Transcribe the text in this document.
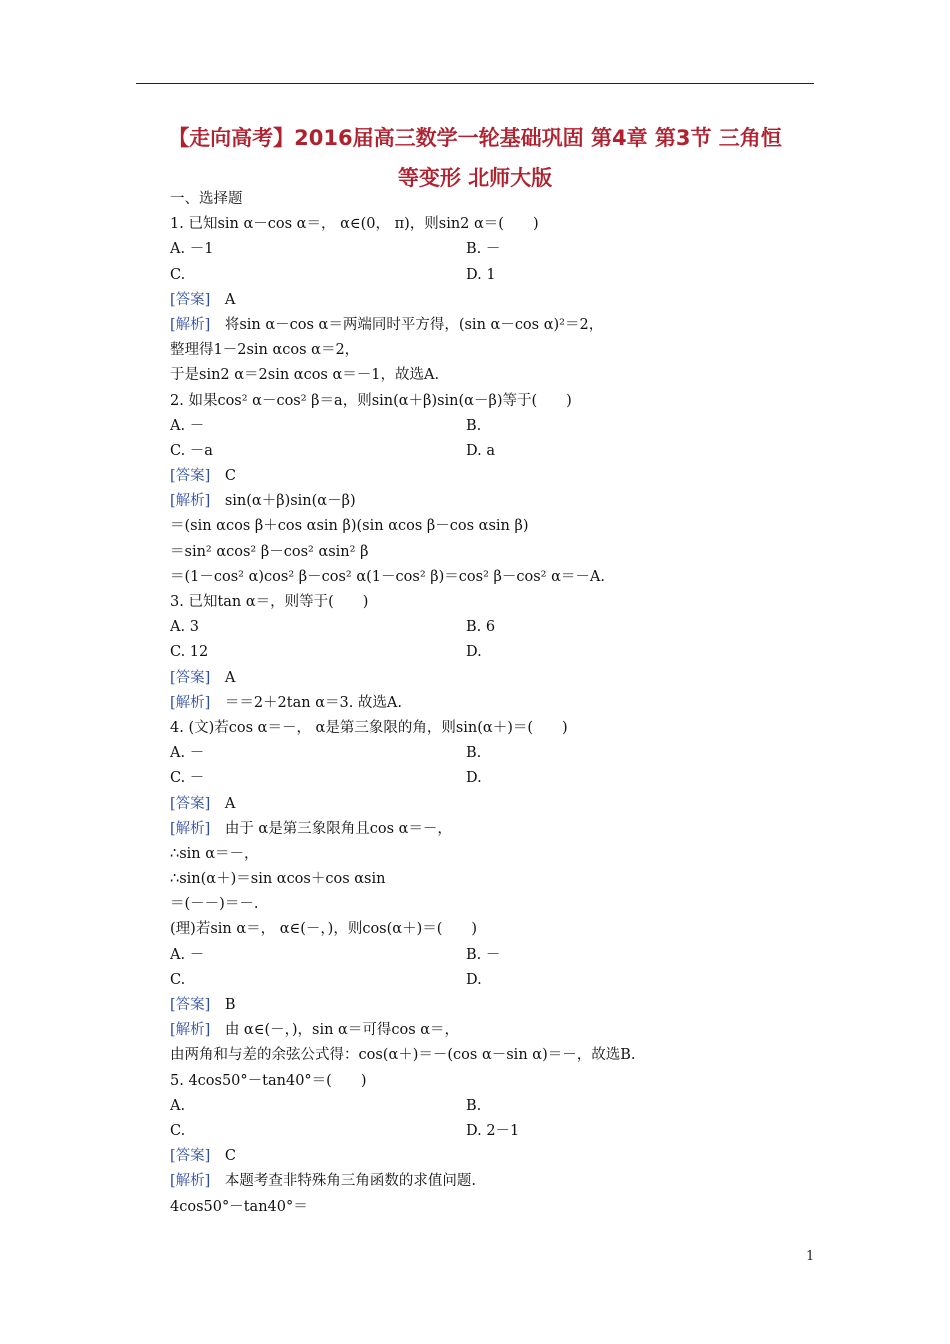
【走向高考】2016届高三数学一轮基础巩固 第4章 第3节 三角恒
等变形 北师大版
一、选择题
1. 已知sin α－cos α＝， α∈(0， π)，则sin2 α＝(　　)
A. －1	B. －
C.	D. 1
[答案]　A
[解析]　将sin α－cos α＝两端同时平方得，(sin α－cos α)²＝2，
整理得1－2sin αcos α＝2，
于是sin2 α＝2sin αcos α＝－1，故选A.
2. 如果cos² α－cos² β＝a，则sin(α＋β)sin(α－β)等于(　　)
A. －	B.
C. －a	D. a
[答案]　C
[解析]　sin(α＋β)sin(α－β)
＝(sin αcos β＋cos αsin β)(sin αcos β－cos αsin β)
＝sin² αcos² β－cos² αsin² β
＝(1－cos² α)cos² β－cos² α(1－cos² β)＝cos² β－cos² α＝－A.
3. 已知tan α＝，则等于(　　)
A. 3	B. 6
C. 12	D.
[答案]　A
[解析]　＝＝2＋2tan α＝3. 故选A.
4. (文)若cos α＝－， α是第三象限的角，则sin(α＋)＝(　　)
A. －	B.
C. －	D.
[答案]　A
[解析]　由于 α是第三象限角且cos α＝－，
∴sin α＝－，
∴sin(α＋)＝sin αcos＋cos αsin
＝(－－)＝－.
(理)若sin α＝， α∈(－，)，则cos(α＋)＝(　　)
A. －	B. －
C.	D.
[答案]　B
[解析]　由 α∈(－，)，sin α＝可得cos α＝，
由两角和与差的余弦公式得：cos(α＋)＝－(cos α－sin α)＝－，故选B.
5. 4cos50°－tan40°＝(　　)
A.	B.
C.	D. 2－1
[答案]　C
[解析]　本题考查非特殊角三角函数的求值问题.
4cos50°－tan40°＝
1
